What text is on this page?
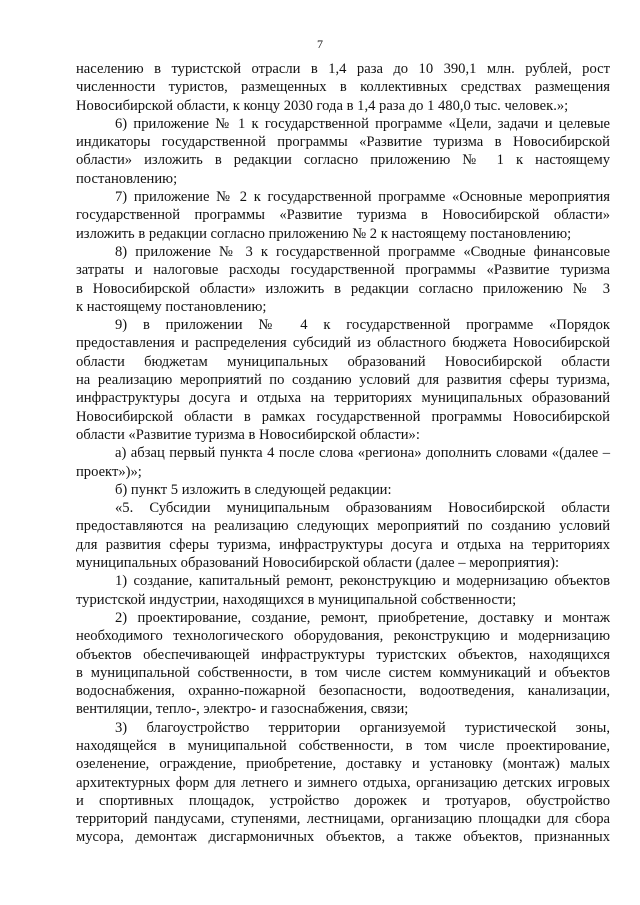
7

населению в туристской отрасли в 1,4 раза до 10 390,1 млн. рублей, рост

численности туристов, размещенных в коллективных средствах размещения

Новосибирской области, к концу 2030 года в 1,4 раза до 1 480,0 тыс. человек.»;

6) приложение № 1 к государственной программе «Цели, задачи и целевые

индикаторы государственной программы «Развитие туризма в Новосибирской

области» изложить в редакции согласно приложению № 1 к настоящему

постановлению;

7) приложение № 2 к государственной программе «Основные мероприятия

государственной программы «Развитие туризма в Новосибирской области»

изложить в редакции согласно приложению № 2 к настоящему постановлению;

8) приложение № 3 к государственной программе «Сводные финансовые

затраты и налоговые расходы государственной программы «Развитие туризма

в Новосибирской области» изложить в редакции согласно приложению № 3

к настоящему постановлению;

9) в приложении № 4 к государственной программе «Порядок

предоставления и распределения субсидий из областного бюджета Новосибирской

области бюджетам муниципальных образований Новосибирской области

на реализацию мероприятий по созданию условий для развития сферы туризма,

инфраструктуры досуга и отдыха на территориях муниципальных образований

Новосибирской области в рамках государственной программы Новосибирской

области «Развитие туризма в Новосибирской области»:

а) абзац первый пункта 4 после слова «региона» дополнить словами «(далее –

проект»)»;

б) пункт 5 изложить в следующей редакции:

«5. Субсидии муниципальным образованиям Новосибирской области

предоставляются на реализацию следующих мероприятий по созданию условий

для развития сферы туризма, инфраструктуры досуга и отдыха на территориях

муниципальных образований Новосибирской области (далее – мероприятия):

1) создание, капитальный ремонт, реконструкцию и модернизацию объектов

туристской индустрии, находящихся в муниципальной собственности;

2) проектирование, создание, ремонт, приобретение, доставку и монтаж

необходимого технологического оборудования, реконструкцию и модернизацию

объектов обеспечивающей инфраструктуры туристских объектов, находящихся

в муниципальной собственности, в том числе систем коммуникаций и объектов

водоснабжения, охранно-пожарной безопасности, водоотведения, канализации,

вентиляции, тепло-, электро- и газоснабжения, связи;

3) благоустройство территории организуемой туристической зоны,

находящейся в муниципальной собственности, в том числе проектирование,

озеленение, ограждение, приобретение, доставку и установку (монтаж) малых

архитектурных форм для летнего и зимнего отдыха, организацию детских игровых

и спортивных площадок, устройство дорожек и тротуаров, обустройство

территорий пандусами, ступенями, лестницами, организацию площадки для сбора

мусора, демонтаж дисгармоничных объектов, а также объектов, признанных
